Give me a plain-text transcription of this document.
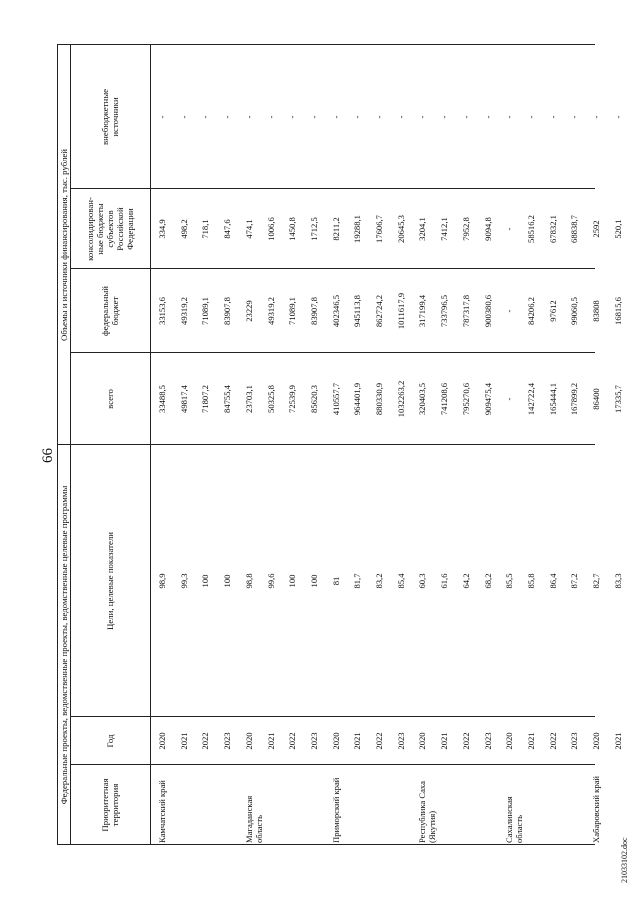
66
21033102.doc
Федеральные проекты, ведомственные проекты, ведомственные целевые программы
Объемы и источники финансирования, тыс. рублей
Приоритетная территория
Год
Цели, целевые показатели
всего
федеральный бюджет
консолидирован-ные бюджеты субъектов Российской Федерации
внебюджетные источники
Камчатский край
2020
98,9
33488,5
33153,6
334,9
-
2021
99,3
49817,4
49319,2
498,2
-
2022
100
71807,2
71089,1
718,1
-
2023
100
84755,4
83907,8
847,6
-
Магаданская область
2020
98,8
23703,1
23229
474,1
-
2021
99,6
50325,8
49319,2
1006,6
-
2022
100
72539,9
71089,1
1450,8
-
2023
100
85620,3
83907,8
1712,5
-
Приморский край
2020
81
410557,7
402346,5
8211,2
-
2021
81,7
964401,9
945113,8
19288,1
-
2022
83,2
880330,9
862724,2
17606,7
-
2023
85,4
1032263,2
1011617,9
20645,3
-
Республика Саха (Якутия)
2020
60,3
320403,5
317199,4
3204,1
-
2021
61,6
741208,6
733796,5
7412,1
-
2022
64,2
795270,6
787317,8
7952,8
-
2023
68,2
909475,4
900380,6
9094,8
-
Сахалинская область
2020
85,5
-
-
-
-
2021
85,8
142722,4
84206,2
58516,2
-
2022
86,4
165444,1
97612
67832,1
-
2023
87,2
167899,2
99060,5
68838,7
-
Хабаровский край
2020
82,7
86400
83808
2592
-
2021
83,3
17335,7
16815,6
520,1
-
